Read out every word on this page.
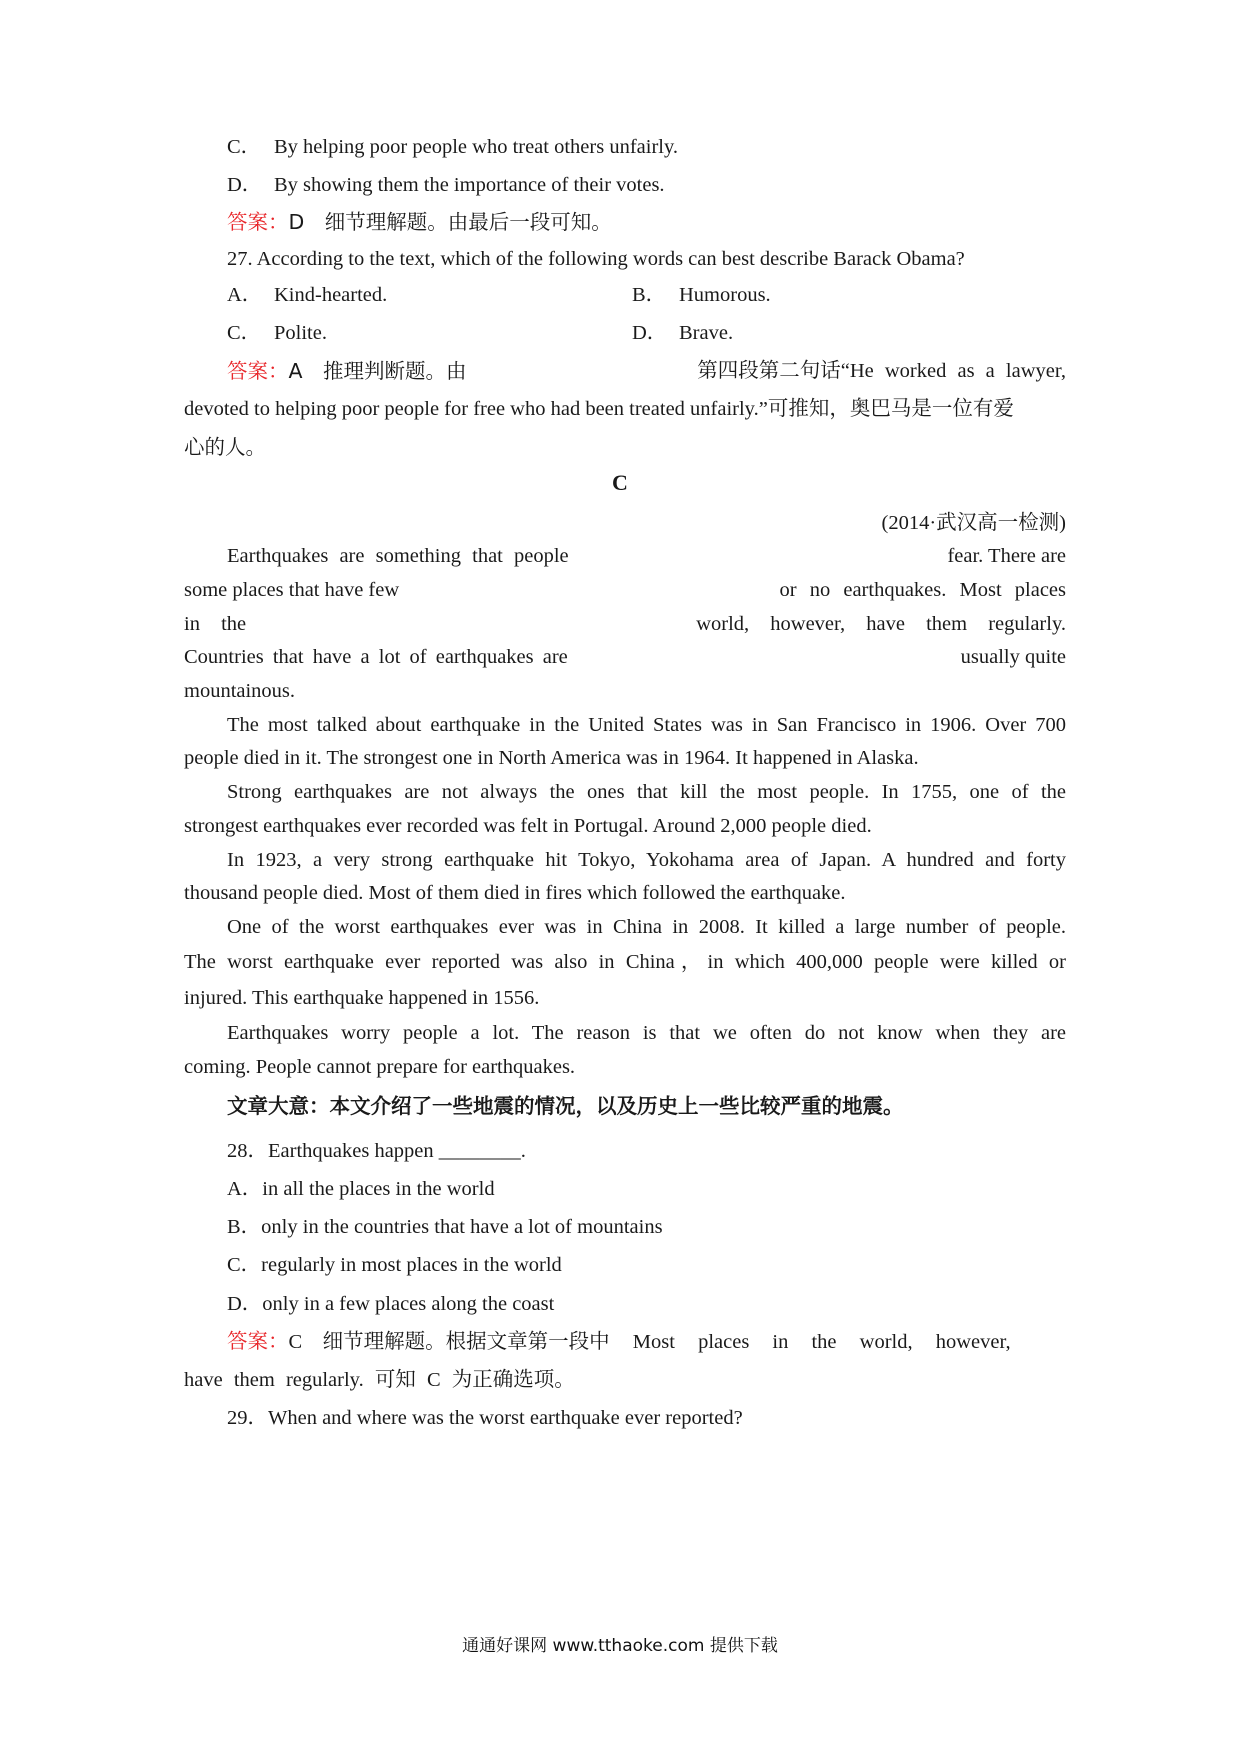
C． By helping poor people who treat others unfairly.
D． By showing them the importance of their votes.
答案：D　细节理解题。由最后一段可知。
27. According to the text, which of the following words can best describe Barack Obama?
A． Kind-hearted.	B． Humorous.
C． Polite.	D． Brave.
答案：A　推理判断题。由	第四段第二句话“He worked as a lawyer,
devoted to helping poor people for free who had been treated unfairly.”可推知，奥巴马是一位有爱
心的人。
C
(2014·武汉高一检测)
Earthquakes are something that people	fear. There are
some places that have few	or no earthquakes. Most places
in the	world, however, have them regularly.
Countries that have a lot of earthquakes are	usually quite
mountainous.
The most talked about earthquake in the United States was in San Francisco in 1906. Over 700
people died in it. The strongest one in North America was in 1964. It happened in Alaska.
Strong earthquakes are not always the ones that kill the most people. In 1755, one of the
strongest earthquakes ever recorded was felt in Portugal. Around 2,000 people died.
In 1923, a very strong earthquake hit Tokyo, Yokohama area of Japan. A hundred and forty
thousand people died. Most of them died in fires which followed the earthquake.
One of the worst earthquakes ever was in China in 2008. It killed a large number of people.
The worst earthquake ever reported was also in China，in which 400,000 people were killed or
injured. This earthquake happened in 1556.
Earthquakes worry people a lot. The reason is that we often do not know when they are
coming. People cannot prepare for earthquakes.
文章大意：本文介绍了一些地震的情况，以及历史上一些比较严重的地震。
28．Earthquakes happen ________.
A．in all the places in the world
B．only in the countries that have a lot of mountains
C．regularly in most places in the world
D．only in a few places along the coast
答案：C　细节理解题。根据文章第一段中 Most places in the world, however,
have them regularly. 可知 C 为正确选项。
29．When and where was the worst earthquake ever reported?
通通好课网 www.tthaoke.com 提供下载
